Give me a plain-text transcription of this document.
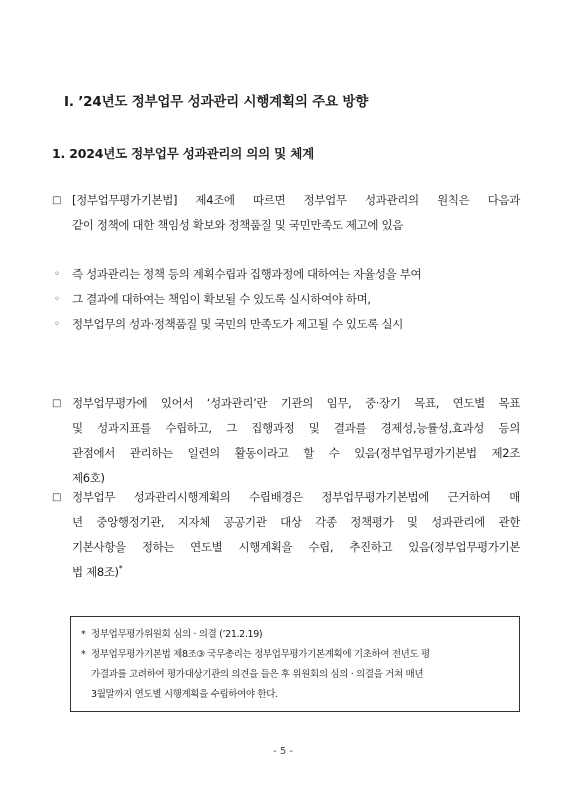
Ⅰ. ’24년도 정부업무 성과관리 시행계획의 주요 방향
1. 2024년도 정부업무 성과관리의 의의 및 체계
□ [정부업무평가기본법] 제4조에 따르면 정부업무 성과관리의 원칙은 다음과
같이 정책에 대한 책임성 확보와 정책품질 및 국민만족도 제고에 있음
◦ 즉 성과관리는 정책 등의 계획수립과 집행과정에 대하여는 자율성을 부여
◦ 그 결과에 대하여는 책임이 확보될 수 있도록 실시하여야 하며,
◦ 정부업무의 성과·정책품질 및 국민의 만족도가 제고될 수 있도록 실시
□ 정부업무평가에 있어서 ‘성과관리’란 기관의 임무, 중·장기 목표, 연도별 목표
및 성과지표를 수립하고, 그 집행과정 및 결과를 경제성,능률성,효과성 등의
관점에서 관리하는 일련의 활동이라고 할 수 있음(정부업무평가기본법 제2조
제6호)
□ 정부업무 성과관리시행계획의 수립배경은 정부업무평가기본법에 근거하여 매
년 중앙행정기관, 지자체 공공기관 대상 각종 정책평가 및 성과관리에 관한
기본사항을 정하는 연도별 시행계획을 수립, 추진하고 있음(정부업무평가기본
법 제8조)*
* 정부업무평가위원회 심의 · 의결 (’21.2.19)
* 정부업무평가기본법 제8조③ 국무총리는 정부업무평가기본계획에 기초하여 전년도 평
가결과를 고려하여 평가대상기관의 의견을 들은 후 위원회의 심의 · 의결을 거쳐 매년
3월말까지 연도별 시행계획을 수립하여야 한다.
- 5 -
